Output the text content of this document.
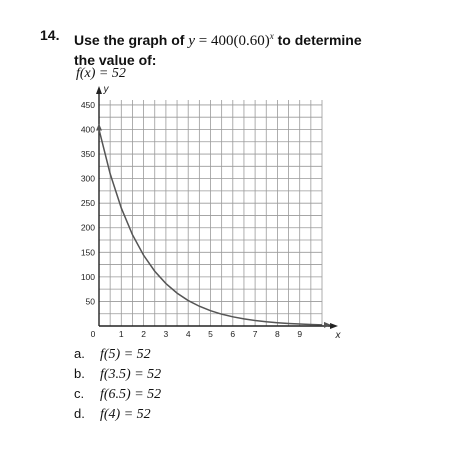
14. Use the graph of $y = 400(0.60)^x$ to determine
the value of:
f(x) = 52
1 2 3 4 5 6 7 8 9
50
100
150
200
250
300
350
400
450
0	x
y
a. f(5) = 52
b. f(3.5) = 52
c. f(6.5) = 52
d. f(4) = 52
